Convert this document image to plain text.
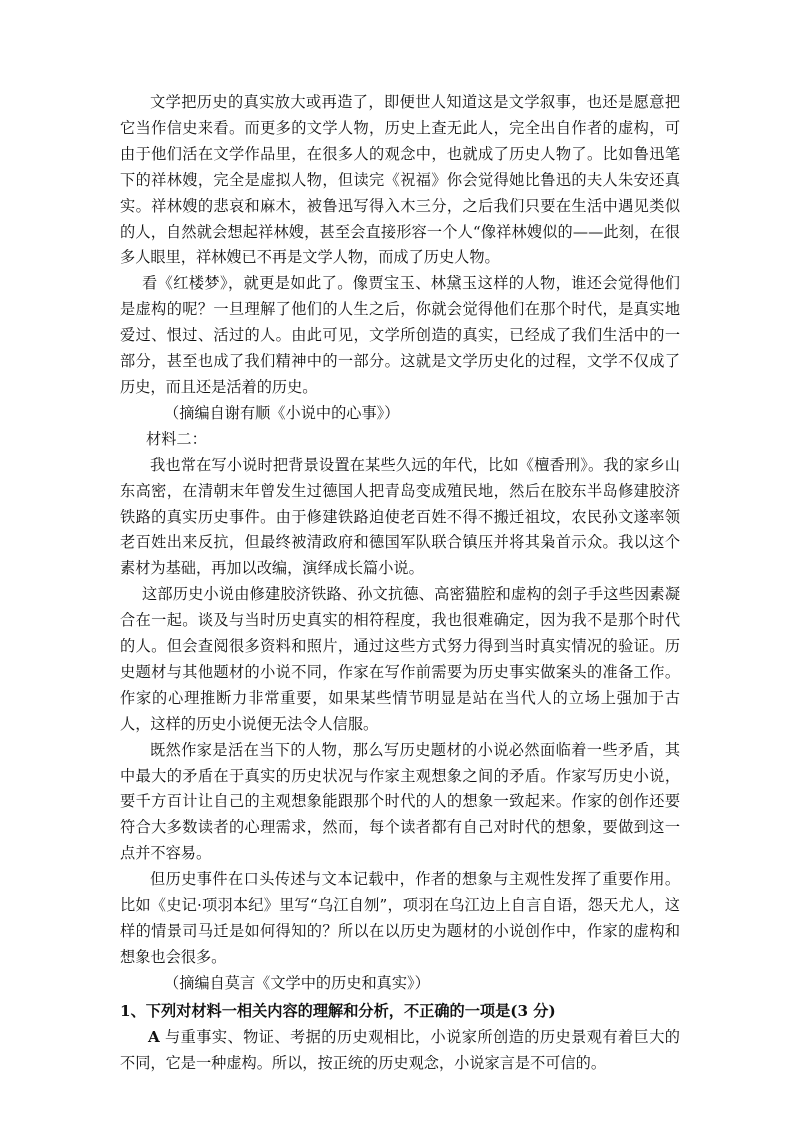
文学把历史的真实放大或再造了，即便世人知道这是文学叙事，也还是愿意把它当作信史来看。而更多的文学人物，历史上查无此人，完全出自作者的虚构，可由于他们活在文学作品里，在很多人的观念中，也就成了历史人物了。比如鲁迅笔下的祥林嫂，完全是虚拟人物，但读完《祝福》你会觉得她比鲁迅的夫人朱安还真实。祥林嫂的悲哀和麻木，被鲁迅写得入木三分，之后我们只要在生活中遇见类似的人，自然就会想起祥林嫂，甚至会直接形容一个人“像祥林嫂似的——此刻，在很多人眼里，祥林嫂已不再是文学人物，而成了历史人物。

看《红楼梦》，就更是如此了。像贾宝玉、林黛玉这样的人物，谁还会觉得他们是虚构的呢？一旦理解了他们的人生之后，你就会觉得他们在那个时代，是真实地爱过、恨过、活过的人。由此可见，文学所创造的真实，已经成了我们生活中的一部分，甚至也成了我们精神中的一部分。这就是文学历史化的过程，文学不仅成了历史，而且还是活着的历史。

（摘编自谢有顺《小说中的心事》）

材料二：

我也常在写小说时把背景设置在某些久远的年代，比如《檀香刑》。我的家乡山东高密，在清朝末年曾发生过德国人把青岛变成殖民地，然后在胶东半岛修建胶济铁路的真实历史事件。由于修建铁路迫使老百姓不得不搬迁祖坟，农民孙文遂率领老百姓出来反抗，但最终被清政府和德国军队联合镇压并将其枭首示众。我以这个素材为基础，再加以改编，演绎成长篇小说。

这部历史小说由修建胶济铁路、孙文抗德、高密猫腔和虚构的刽子手这些因素凝合在一起。谈及与当时历史真实的相符程度，我也很难确定，因为我不是那个时代的人。但会查阅很多资料和照片，通过这些方式努力得到当时真实情况的验证。历史题材与其他题材的小说不同，作家在写作前需要为历史事实做案头的准备工作。作家的心理推断力非常重要，如果某些情节明显是站在当代人的立场上强加于古人，这样的历史小说便无法令人信服。

既然作家是活在当下的人物，那么写历史题材的小说必然面临着一些矛盾，其中最大的矛盾在于真实的历史状况与作家主观想象之间的矛盾。作家写历史小说，要千方百计让自己的主观想象能跟那个时代的人的想象一致起来。作家的创作还要符合大多数读者的心理需求，然而，每个读者都有自己对时代的想象，要做到这一点并不容易。

但历史事件在口头传述与文本记载中，作者的想象与主观性发挥了重要作用。比如《史记·项羽本纪》里写“乌江自刎”，项羽在乌江边上自言自语，怨天尤人，这样的情景司马迁是如何得知的？所以在以历史为题材的小说创作中，作家的虚构和想象也会很多。

（摘编自莫言《文学中的历史和真实》）

1、下列对材料一相关内容的理解和分析，不正确的一项是(3 分)

A 与重事实、物证、考据的历史观相比，小说家所创造的历史景观有着巨大的不同，它是一种虚构。所以，按正统的历史观念，小说家言是不可信的。
